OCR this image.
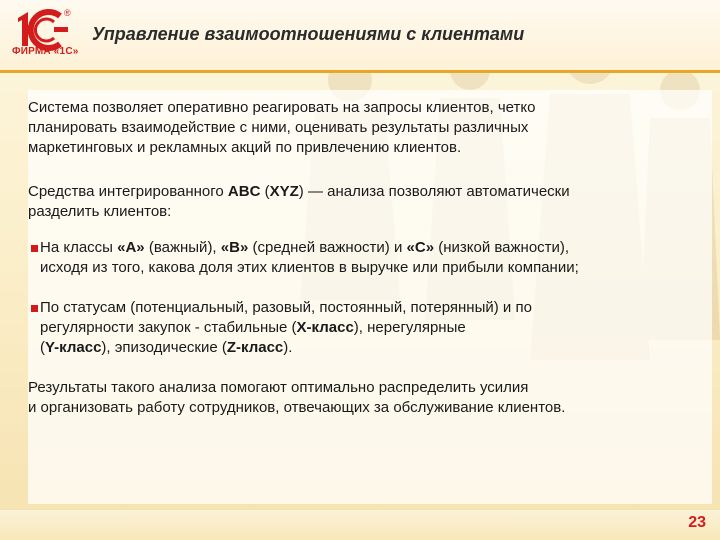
®
ФИРМА «1С»
Управление взаимоотношениями с клиентами

Система позволяет оперативно реагировать на запросы клиентов, четко
планировать взаимодействие с ними, оценивать результаты различных
маркетинговых и рекламных акций по привлечению клиентов.

Средства интегрированного ABC (XYZ) — анализа позволяют автоматически
разделить клиентов:

На классы «А» (важный), «В» (средней важности) и «С» (низкой важности),
исходя из того, какова доля этих клиентов в выручке или прибыли компании;
По статусам (потенциальный, разовый, постоянный, потерянный) и по
регулярности закупок - стабильные (X-класс), нерегулярные
(Y-класс), эпизодические (Z-класс).

Результаты такого анализа помогают оптимально распределить усилия
и организовать работу сотрудников, отвечающих за обслуживание клиентов.

23
